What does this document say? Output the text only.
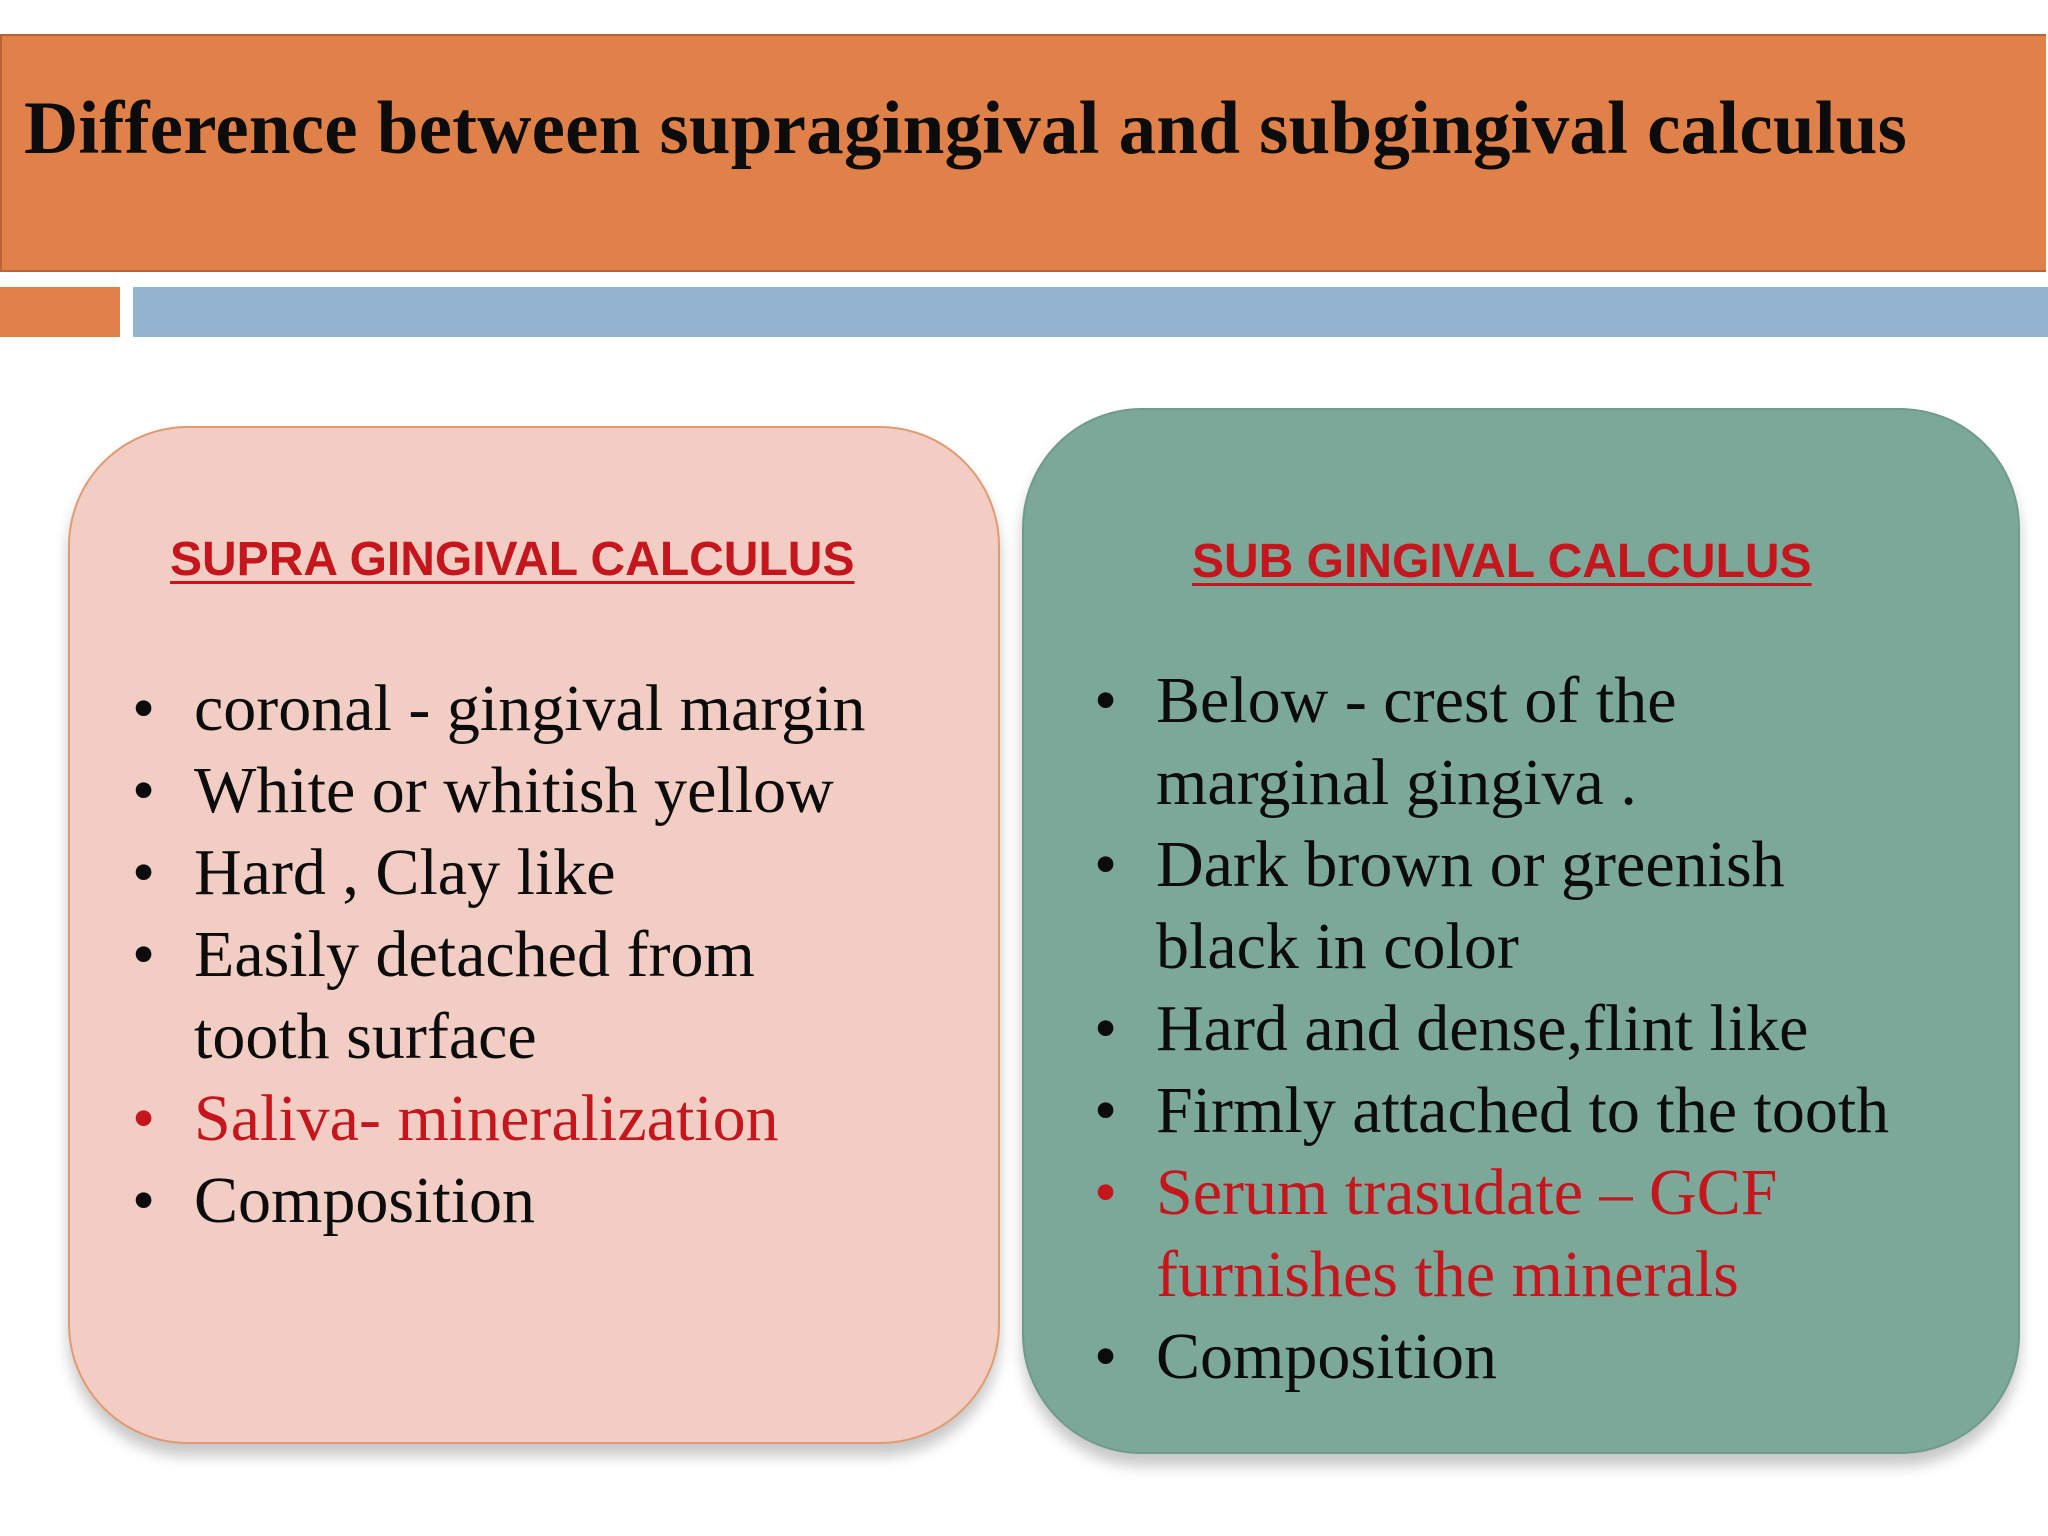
Difference between supragingival and subgingival calculus
SUPRA GINGIVAL CALCULUS
• coronal - gingival margin
• White or whitish yellow
• Hard , Clay like
• Easily detached from
tooth surface
• Saliva- mineralization
• Composition
SUB GINGIVAL CALCULUS
• Below - crest of the
marginal gingiva .
• Dark brown or greenish
black in color
• Hard and dense,flint like
• Firmly attached to the tooth
• Serum trasudate – GCF
furnishes the minerals
• Composition
